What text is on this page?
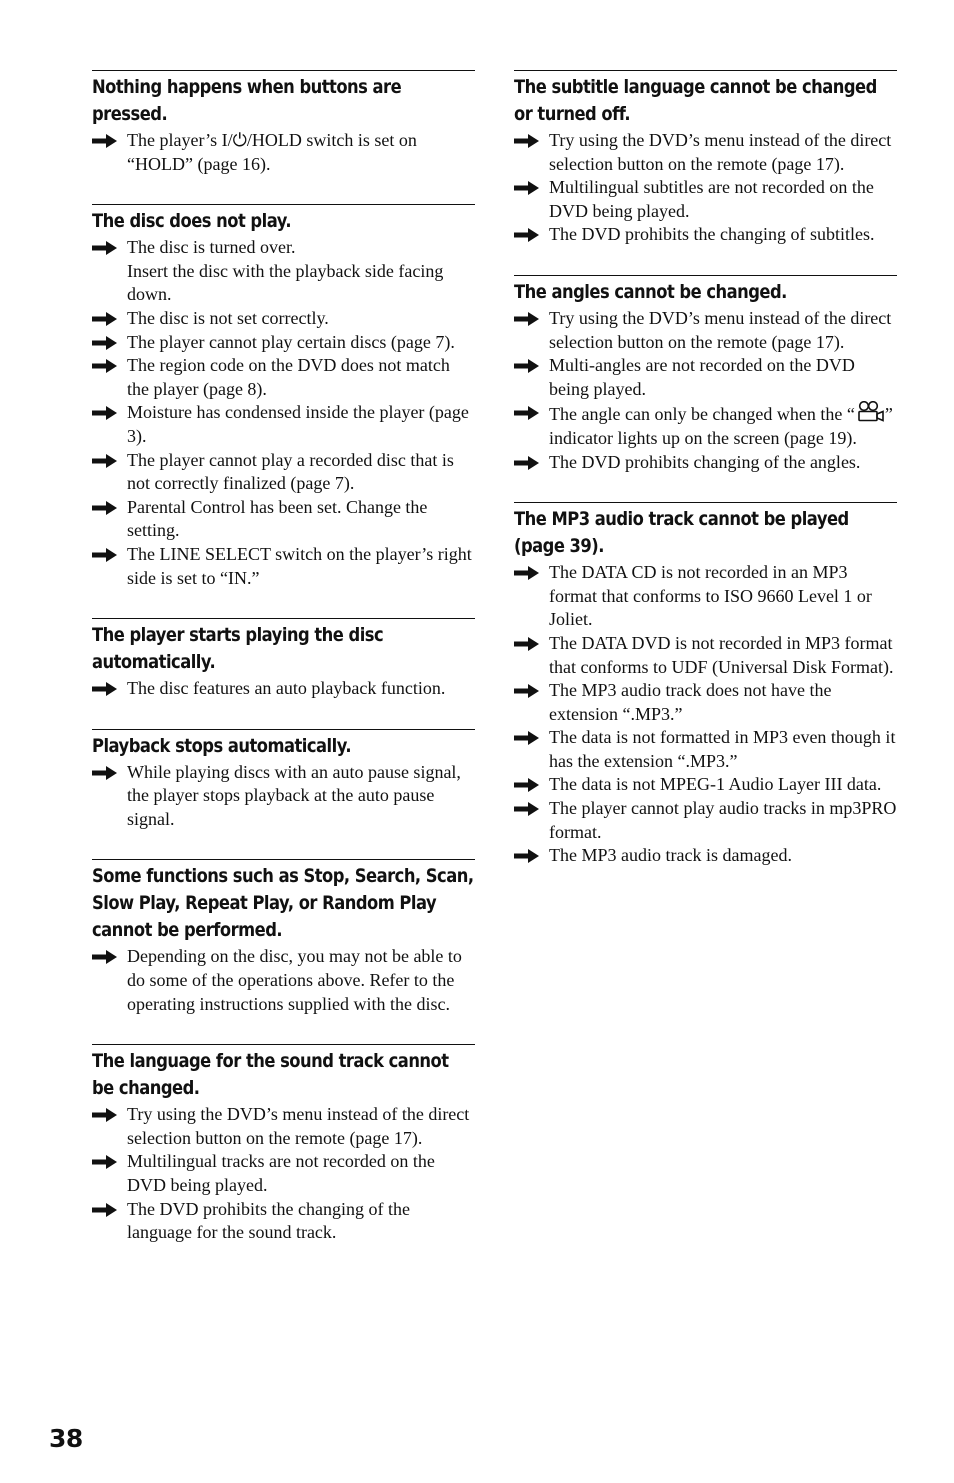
Nothing happens when buttons are pressed.
The player’s I/⏻/HOLD switch is set on “HOLD” (page 16).
The disc does not play.
The disc is turned over.
Insert the disc with the playback side facing down.
The disc is not set correctly.
The player cannot play certain discs (page 7).
The region code on the DVD does not match the player (page 8).
Moisture has condensed inside the player (page 3).
The player cannot play a recorded disc that is not correctly finalized (page 7).
Parental Control has been set. Change the setting.
The LINE SELECT switch on the player’s right side is set to “IN.”
The player starts playing the disc automatically.
The disc features an auto playback function.
Playback stops automatically.
While playing discs with an auto pause signal, the player stops playback at the auto pause signal.
Some functions such as Stop, Search, Scan, Slow Play, Repeat Play, or Random Play cannot be performed.
Depending on the disc, you may not be able to do some of the operations above. Refer to the operating instructions supplied with the disc.
The language for the sound track cannot be changed.
Try using the DVD’s menu instead of the direct selection button on the remote (page 17).
Multilingual tracks are not recorded on the DVD being played.
The DVD prohibits the changing of the language for the sound track.
The subtitle language cannot be changed or turned off.
Try using the DVD’s menu instead of the direct selection button on the remote (page 17).
Multilingual subtitles are not recorded on the DVD being played.
The DVD prohibits the changing of subtitles.
The angles cannot be changed.
Try using the DVD’s menu instead of the direct selection button on the remote (page 17).
Multi-angles are not recorded on the DVD being played.
The angle can only be changed when the “ ” indicator lights up on the screen (page 19).
The DVD prohibits changing of the angles.
The MP3 audio track cannot be played (page 39).
The DATA CD is not recorded in an MP3 format that conforms to ISO 9660 Level 1 or Joliet.
The DATA DVD is not recorded in MP3 format that conforms to UDF (Universal Disk Format).
The MP3 audio track does not have the extension “.MP3.”
The data is not formatted in MP3 even though it has the extension “.MP3.”
The data is not MPEG-1 Audio Layer III data.
The player cannot play audio tracks in mp3PRO format.
The MP3 audio track is damaged.
38
